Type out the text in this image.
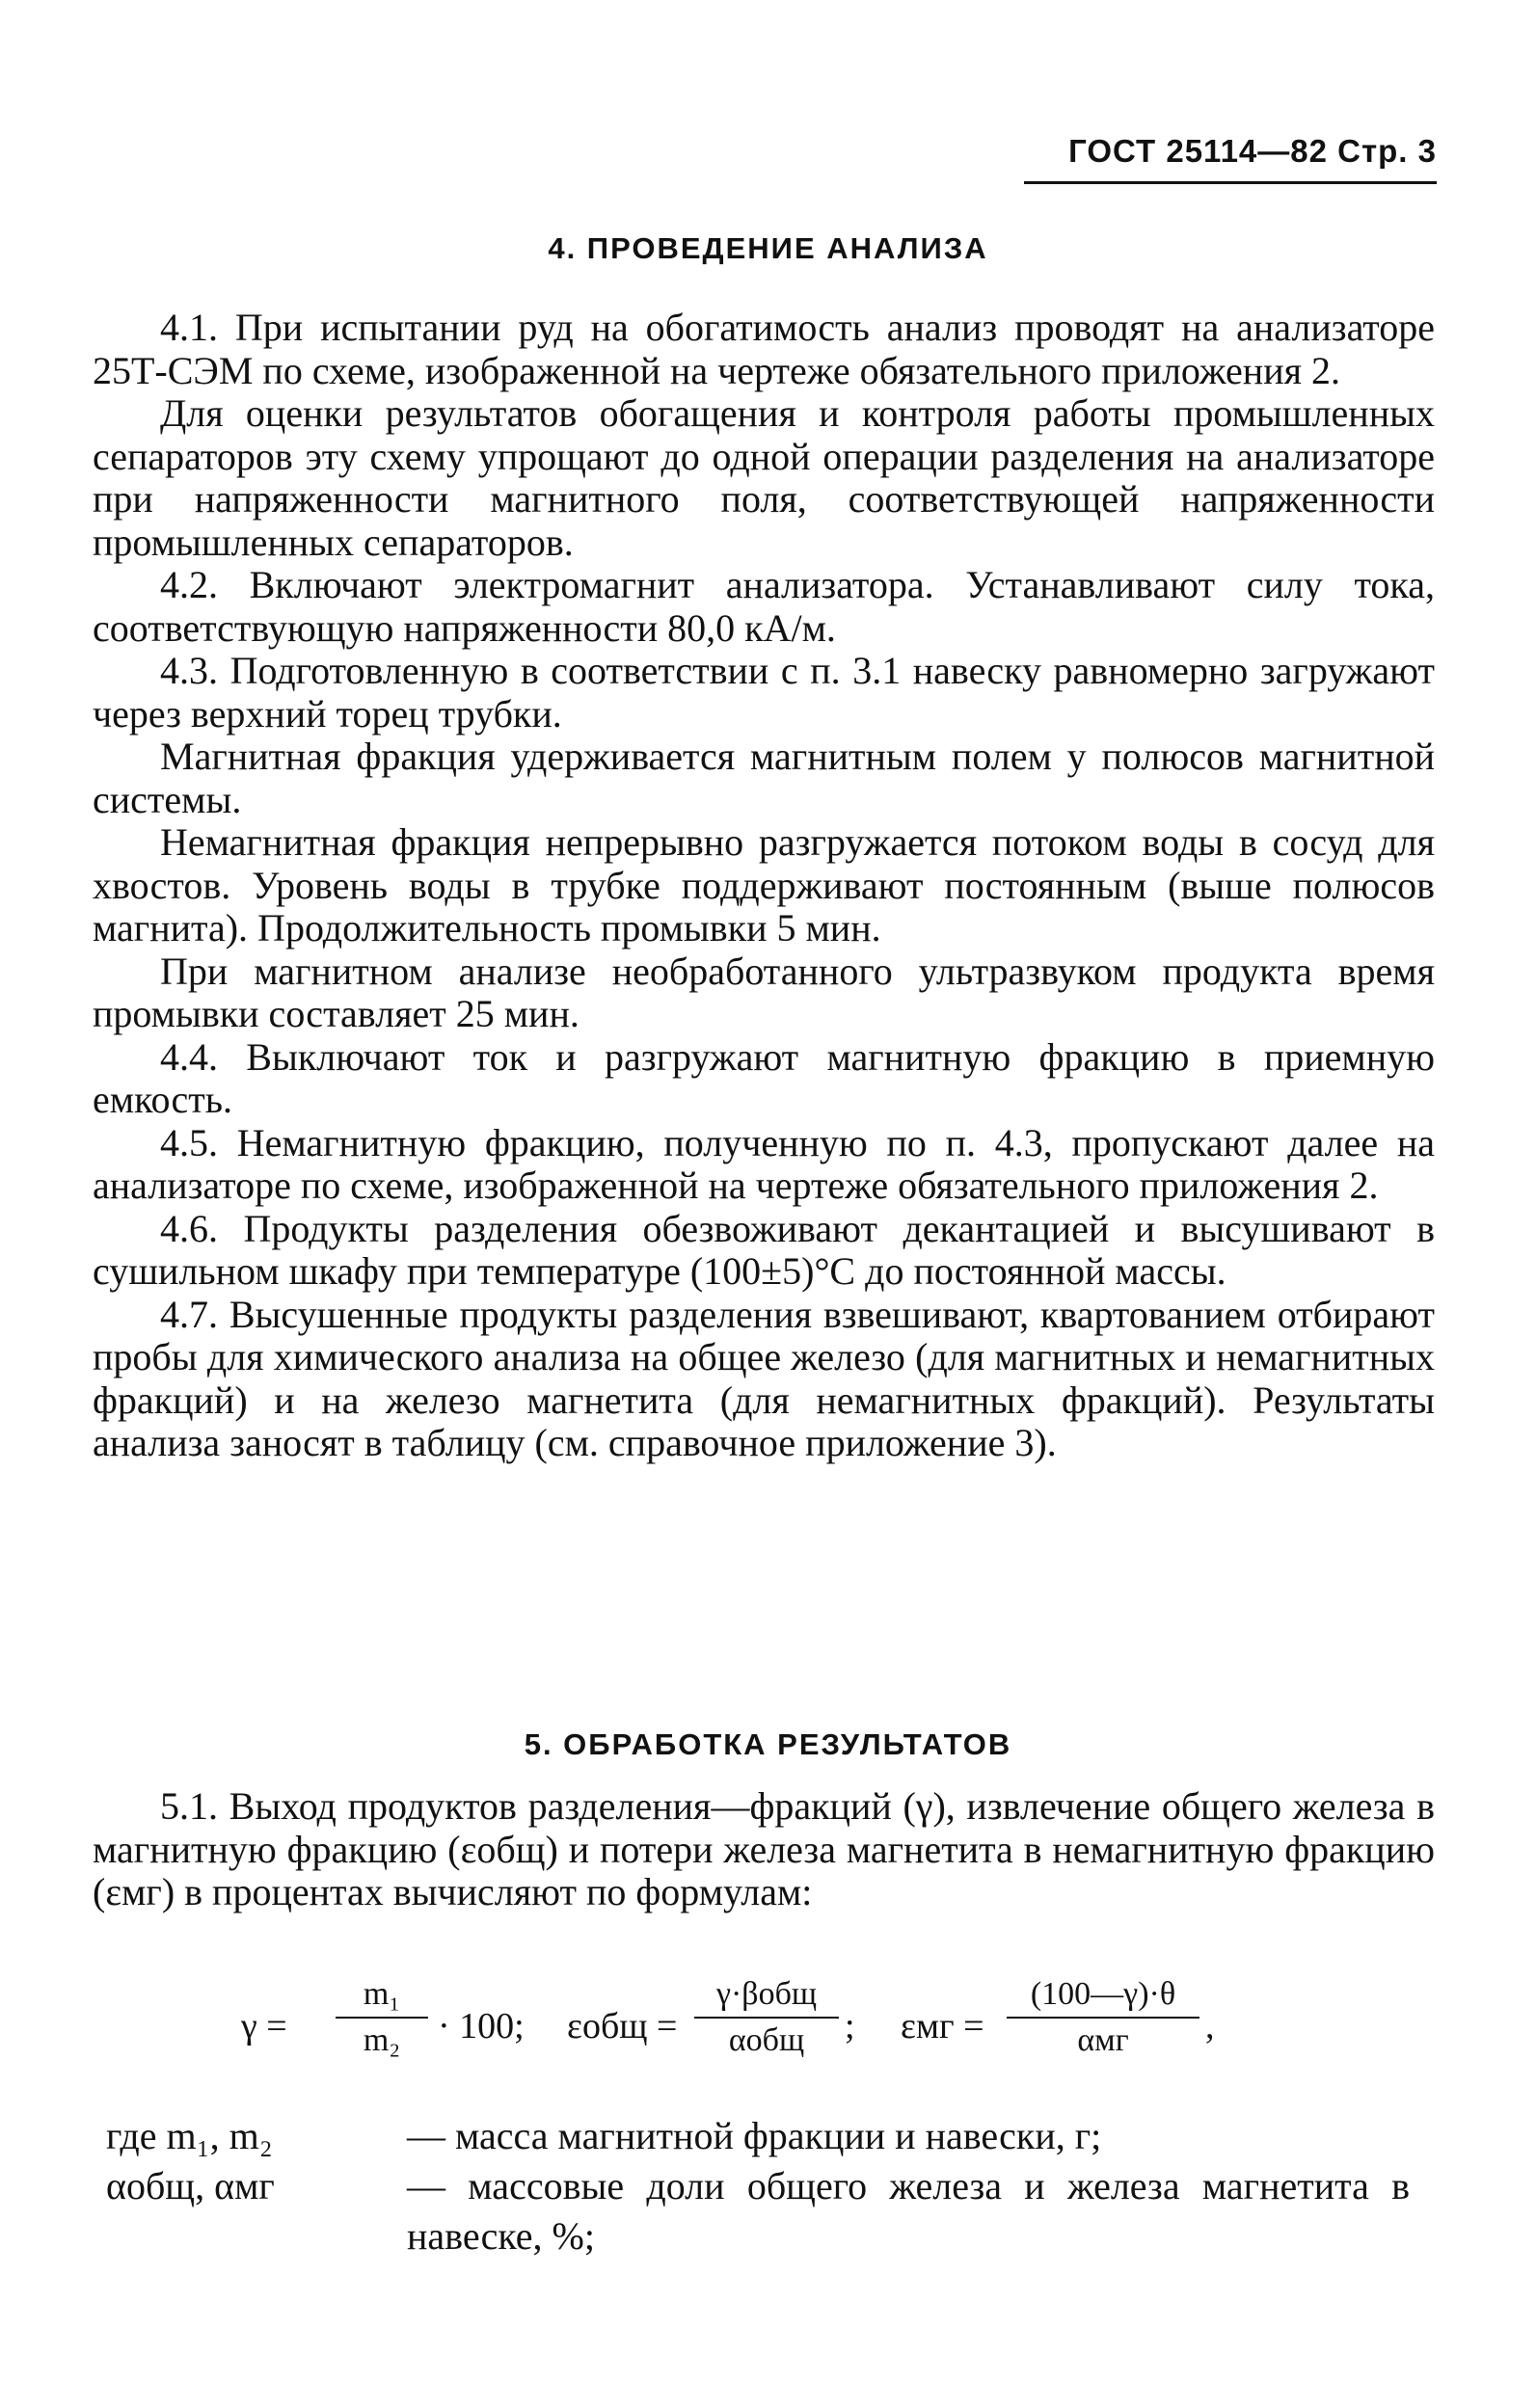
ГОСТ 25114—82 Стр. 3
4. ПРОВЕДЕНИЕ АНАЛИЗА

4.1. При испытании руд на обогатимость анализ проводят на анализаторе 25Т-СЭМ по схеме, изображенной на чертеже обязательного приложения 2.

Для оценки результатов обогащения и контроля работы промышленных сепараторов эту схему упрощают до одной операции разделения на анализаторе при напряженности магнитного поля, соответствующей напряженности промышленных сепараторов.

4.2. Включают электромагнит анализатора. Устанавливают силу тока, соответствующую напряженности 80,0 кА/м.

4.3. Подготовленную в соответствии с п. 3.1 навеску равномерно загружают через верхний торец трубки.

Магнитная фракция удерживается магнитным полем у полюсов магнитной системы.

Немагнитная фракция непрерывно разгружается потоком воды в сосуд для хвостов. Уровень воды в трубке поддерживают постоянным (выше полюсов магнита). Продолжительность промывки 5 мин.

При магнитном анализе необработанного ультразвуком продукта время промывки составляет 25 мин.

4.4. Выключают ток и разгружают магнитную фракцию в приемную емкость.

4.5. Немагнитную фракцию, полученную по п. 4.3, пропускают далее на анализаторе по схеме, изображенной на чертеже обязательного приложения 2.

4.6. Продукты разделения обезвоживают декантацией и высушивают в сушильном шкафу при температуре (100±5)°С до постоянной массы.

4.7. Высушенные продукты разделения взвешивают, квартованием отбирают пробы для химического анализа на общее железо (для магнитных и немагнитных фракций) и на железо магнетита (для немагнитных фракций). Результаты анализа заносят в таблицу (см. справочное приложение 3).

5. ОБРАБОТКА РЕЗУЛЬТАТОВ

5.1. Выход продуктов разделения—фракций (γ), извлечение общего железа в магнитную фракцию (εобщ) и потери железа магнетита в немагнитную фракцию (εмг) в процентах вычисляют по формулам:

γ =
m₁
m₂	· 100; εобщ =
γ·βобщ
αобщ	; εмг =
(100—γ)·θ
αмг	,
где m₁, m₂	— масса магнитной фракции и навески, г;
αобщ, αмг	— массовые доли общего железа и железа магнетита в навеске, %;
